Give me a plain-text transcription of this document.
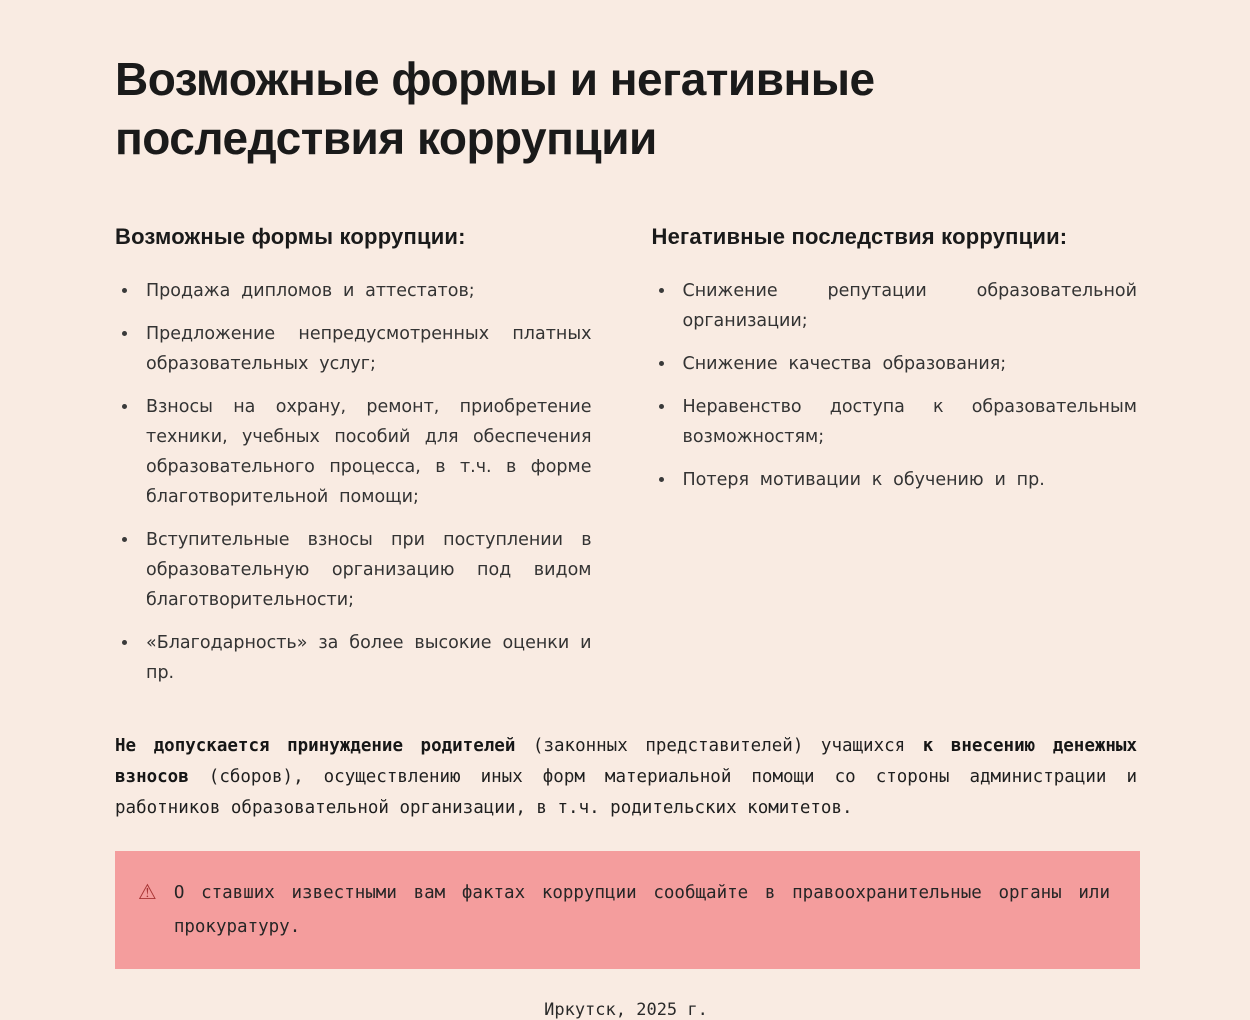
Возможные формы и негативные
последствия коррупции
Возможные формы коррупции:
Продажа дипломов и аттестатов;
Предложение непредусмотренных платных образовательных услуг;
Взносы на охрану, ремонт, приобретение техники, учебных пособий для обеспечения образовательного процесса, в т.ч. в форме благотворительной помощи;
Вступительные взносы при поступлении в образовательную организацию под видом благотворительности;
«Благодарность» за более высокие оценки и пр.
Негативные последствия коррупции:
Снижение репутации образовательной организации;
Снижение качества образования;
Неравенство доступа к образовательным возможностям;
Потеря мотивации к обучению и пр.

Не допускается принуждение родителей (законных представителей) учащихся к внесению денежных взносов (сборов), осуществлению иных форм материальной помощи со стороны администрации и работников образовательной организации, в т.ч. родительских комитетов.

⚠ О ставших известными вам фактах коррупции сообщайте в правоохранительные органы или прокуратуру.
Иркутск, 2025 г.
